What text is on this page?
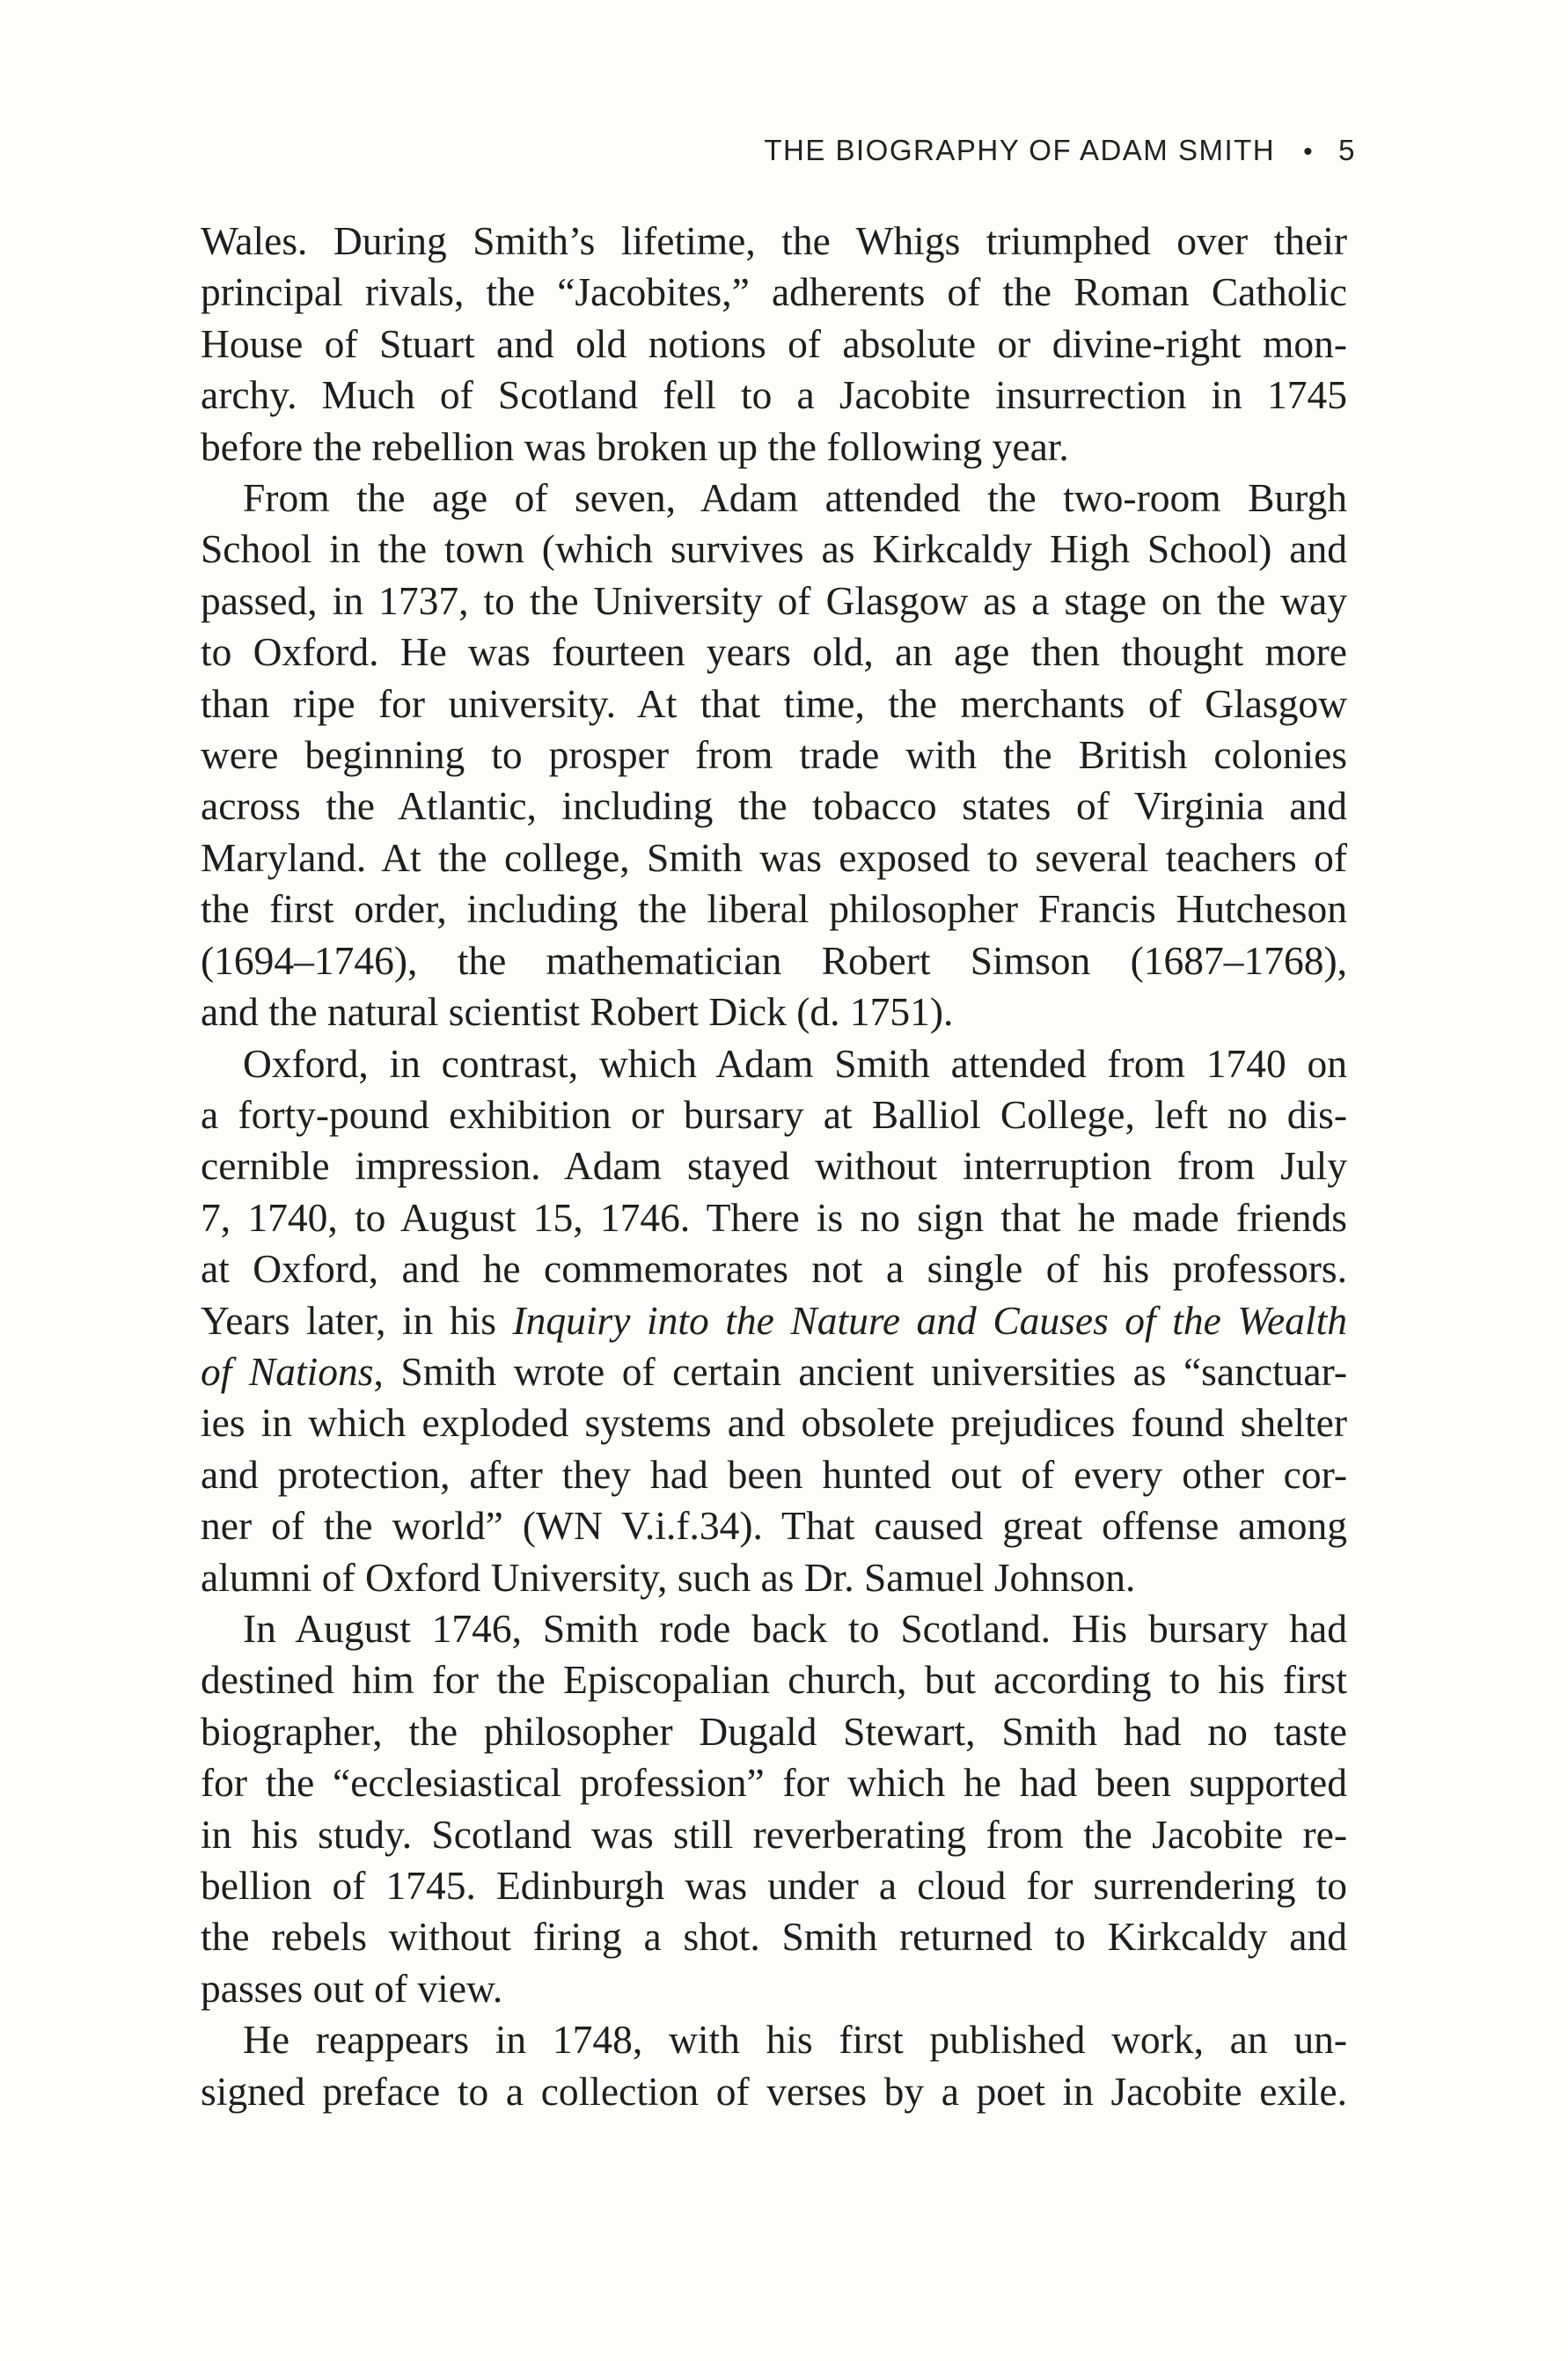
THE BIOGRAPHY OF ADAM SMITH • 5
Wales. During Smith’s lifetime, the Whigs triumphed over their
principal rivals, the “Jacobites,” adherents of the Roman Catholic
House of Stuart and old notions of absolute or divine-right mon-
archy. Much of Scotland fell to a Jacobite insurrection in 1745
before the rebellion was broken up the following year.
From the age of seven, Adam attended the two-room Burgh
School in the town (which survives as Kirkcaldy High School) and
passed, in 1737, to the University of Glasgow as a stage on the way
to Oxford. He was fourteen years old, an age then thought more
than ripe for university. At that time, the merchants of Glasgow
were beginning to prosper from trade with the British colonies
across the Atlantic, including the tobacco states of Virginia and
Maryland. At the college, Smith was exposed to several teachers of
the first order, including the liberal philosopher Francis Hutcheson
(1694–1746), the mathematician Robert Simson (1687–1768),
and the natural scientist Robert Dick (d. 1751).
Oxford, in contrast, which Adam Smith attended from 1740 on
a forty-pound exhibition or bursary at Balliol College, left no dis-
cernible impression. Adam stayed without interruption from July
7, 1740, to August 15, 1746. There is no sign that he made friends
at Oxford, and he commemorates not a single of his professors.
Years later, in his Inquiry into the Nature and Causes of the Wealth
of Nations, Smith wrote of certain ancient universities as “sanctuar-
ies in which exploded systems and obsolete prejudices found shelter
and protection, after they had been hunted out of every other cor-
ner of the world” (WN V.i.f.34). That caused great offense among
alumni of Oxford University, such as Dr. Samuel Johnson.
In August 1746, Smith rode back to Scotland. His bursary had
destined him for the Episcopalian church, but according to his first
biographer, the philosopher Dugald Stewart, Smith had no taste
for the “ecclesiastical profession” for which he had been supported
in his study. Scotland was still reverberating from the Jacobite re-
bellion of 1745. Edinburgh was under a cloud for surrendering to
the rebels without firing a shot. Smith returned to Kirkcaldy and
passes out of view.
He reappears in 1748, with his first published work, an un-
signed preface to a collection of verses by a poet in Jacobite exile.
